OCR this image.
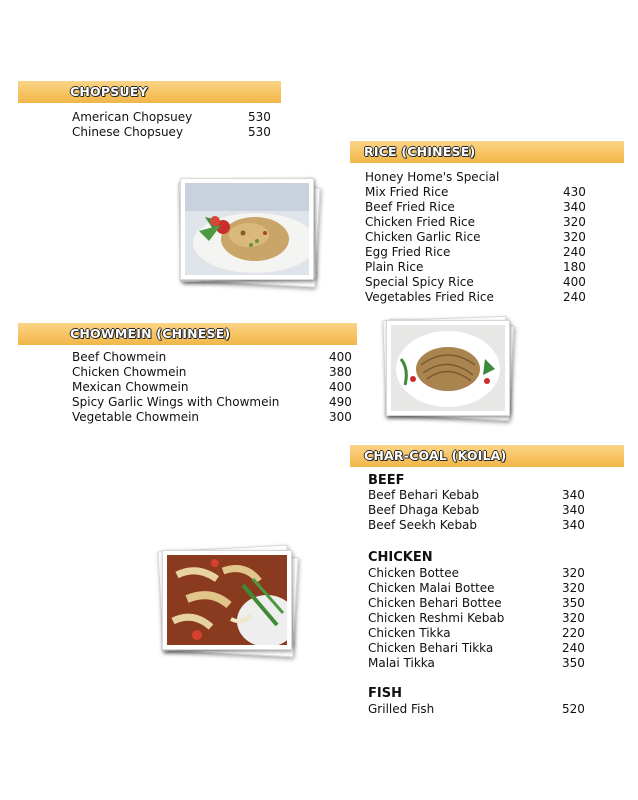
CHOPSUEY
American Chopsuey	530
Chinese Chopsuey	530
RICE (CHINESE)
Honey Home's Special
Mix Fried Rice	430
Beef Fried Rice	340
Chicken Fried Rice	320
Chicken Garlic Rice	320
Egg Fried Rice	240
Plain Rice	180
Special Spicy Rice	400
Vegetables Fried Rice	240
CHOWMEIN (CHINESE)
Beef Chowmein	400
Chicken Chowmein	380
Mexican Chowmein	400
Spicy Garlic Wings with Chowmein	490
Vegetable Chowmein	300
CHAR-COAL (KOILA)
BEEF
Beef Behari Kebab	340
Beef Dhaga Kebab	340
Beef Seekh Kebab	340
CHICKEN
Chicken Bottee	320
Chicken Malai Bottee	320
Chicken Behari Bottee	350
Chicken Reshmi Kebab	320
Chicken Tikka	220
Chicken Behari Tikka	240
Malai Tikka	350
FISH
Grilled Fish	520
